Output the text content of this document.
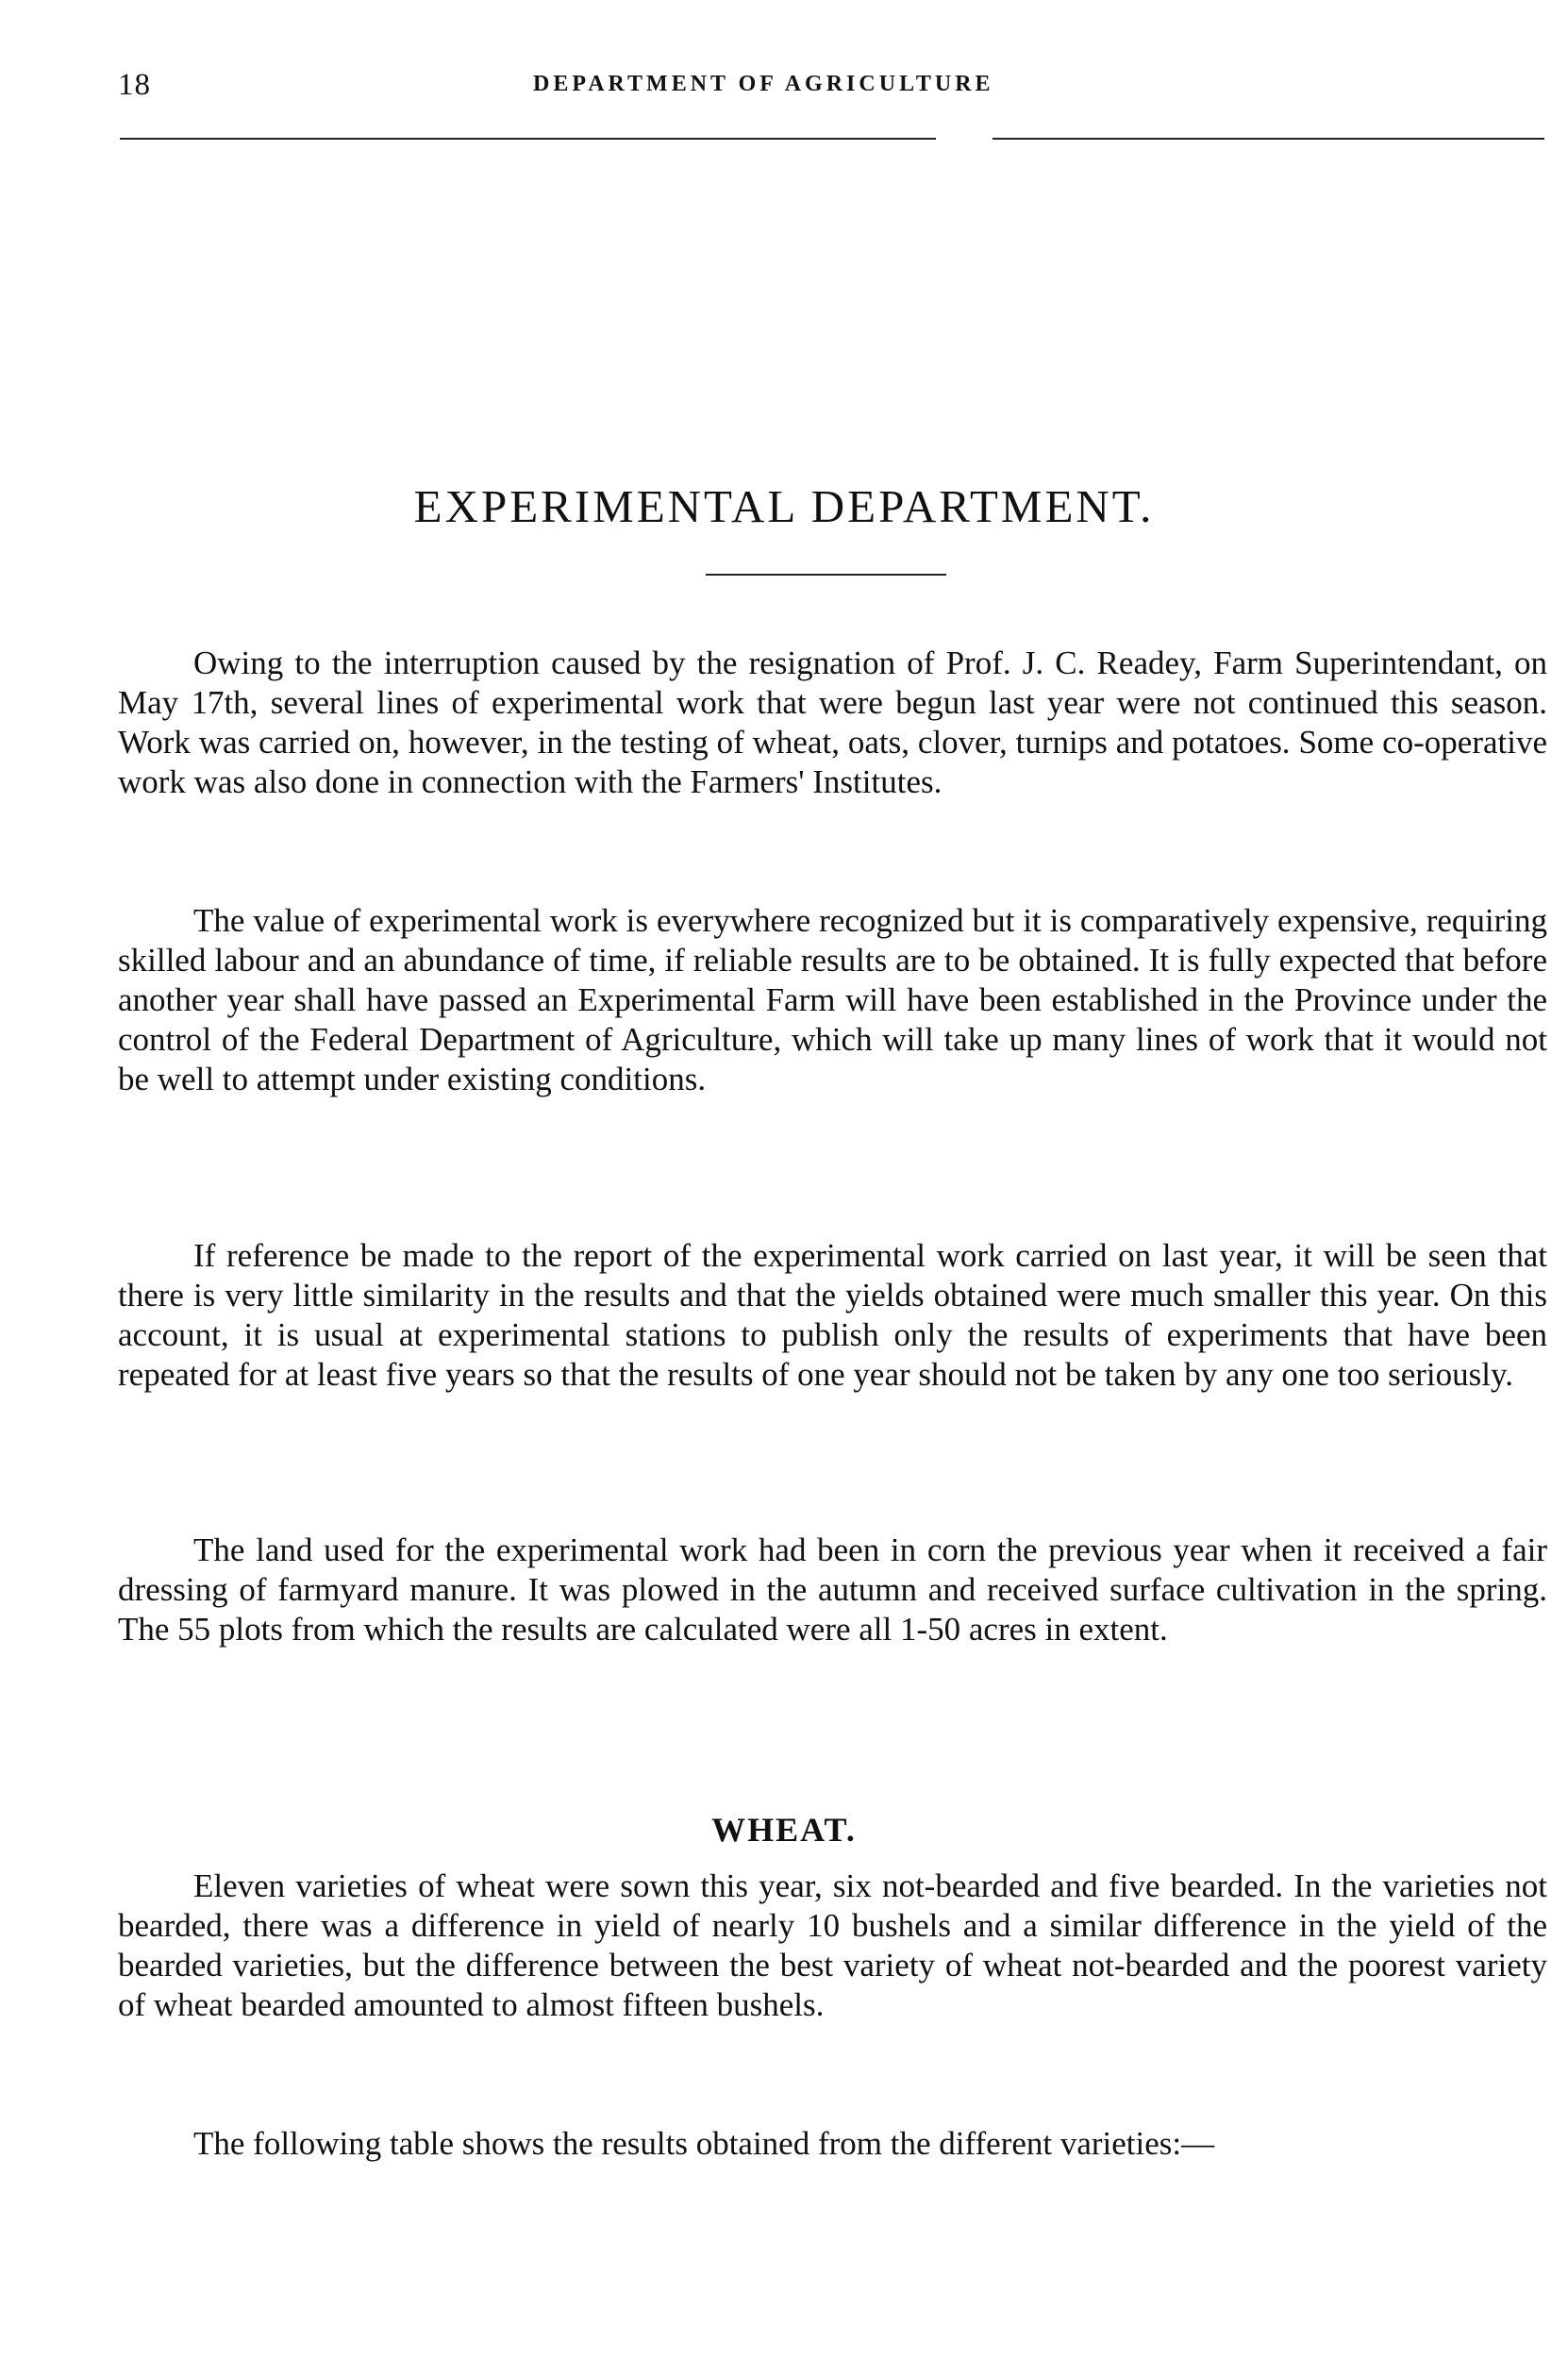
18	DEPARTMENT OF AGRICULTURE
EXPERIMENTAL DEPARTMENT.

Owing to the interruption caused by the resignation of Prof. J. C. Readey, Farm Superintendant, on May 17th, several lines of experimental work that were begun last year were not continued this season. Work was carried on, however, in the testing of wheat, oats, clover, turnips and potatoes. Some co-operative work was also done in connection with the Farmers' Institutes.

The value of experimental work is everywhere recognized but it is comparatively expensive, requiring skilled labour and an abundance of time, if reliable results are to be obtained. It is fully expected that before another year shall have passed an Experimental Farm will have been established in the Province under the control of the Federal Department of Agriculture, which will take up many lines of work that it would not be well to attempt under existing conditions.

If reference be made to the report of the experimental work carried on last year, it will be seen that there is very little similarity in the results and that the yields obtained were much smaller this year. On this account, it is usual at experimental stations to publish only the results of experiments that have been repeated for at least five years so that the results of one year should not be taken by any one too seriously.

The land used for the experimental work had been in corn the previous year when it received a fair dressing of farmyard manure. It was plowed in the autumn and received surface cultivation in the spring. The 55 plots from which the results are calculated were all 1-50 acres in extent.

WHEAT.

Eleven varieties of wheat were sown this year, six not-bearded and five bearded. In the varieties not bearded, there was a difference in yield of nearly 10 bushels and a similar difference in the yield of the bearded varieties, but the difference between the best variety of wheat not-bearded and the poorest variety of wheat bearded amounted to almost fifteen bushels.

The following table shows the results obtained from the different varieties:—
